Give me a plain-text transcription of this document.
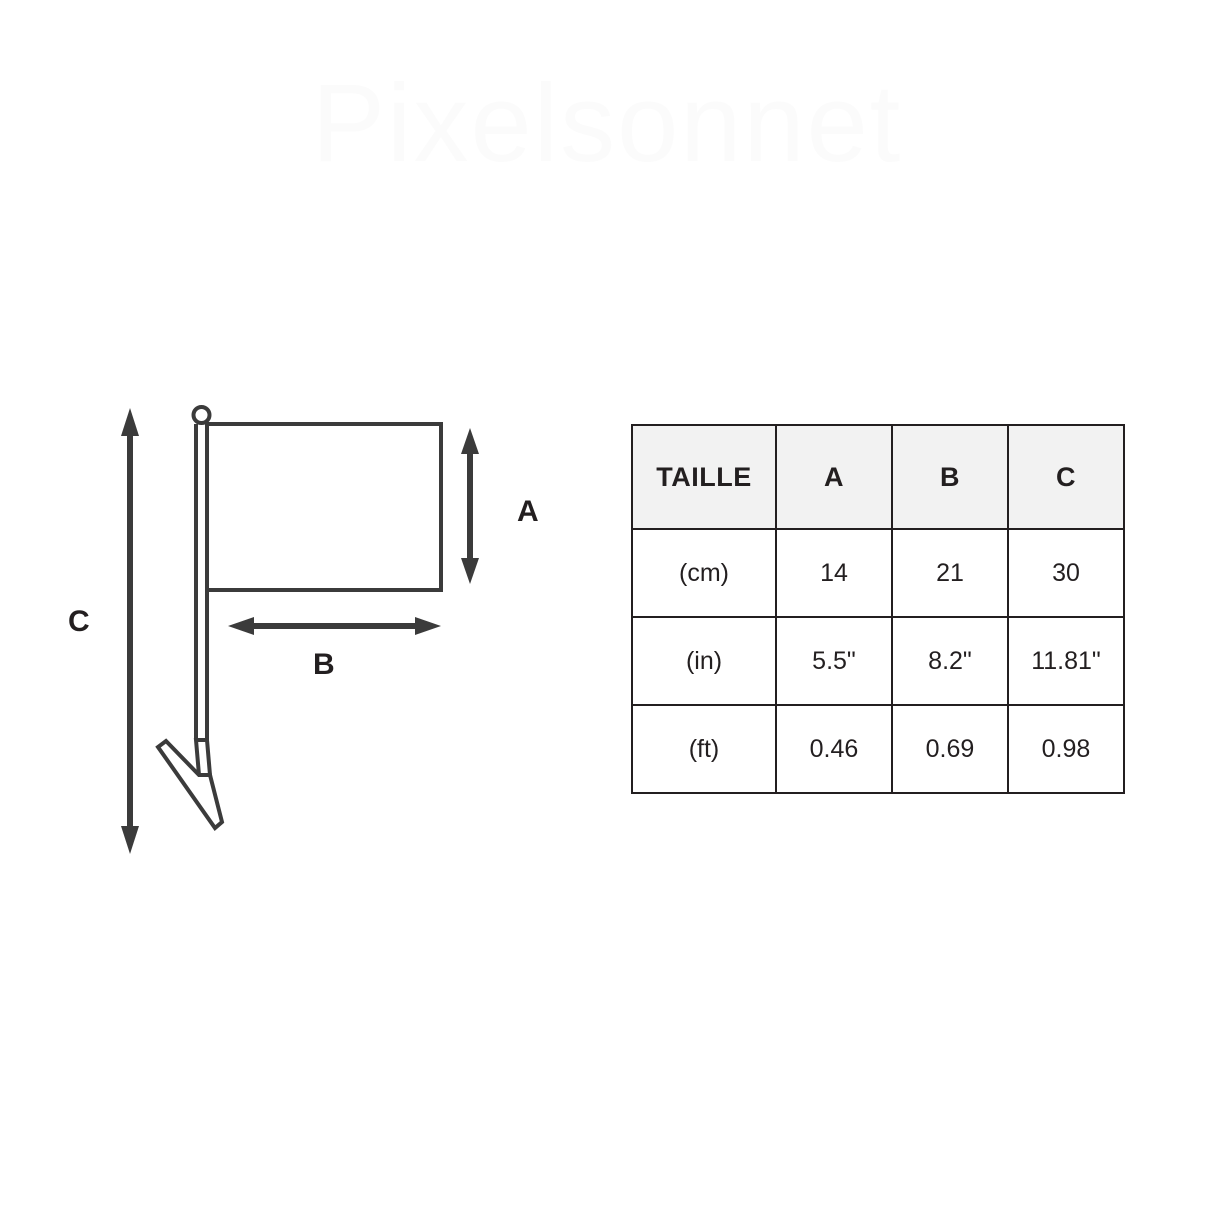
Pixelsonnet
A
B
C
TAILLE	A	B	C
(cm)	14	21	30
(in)	5.5"	8.2"	11.81"
(ft)	0.46	0.69	0.98
